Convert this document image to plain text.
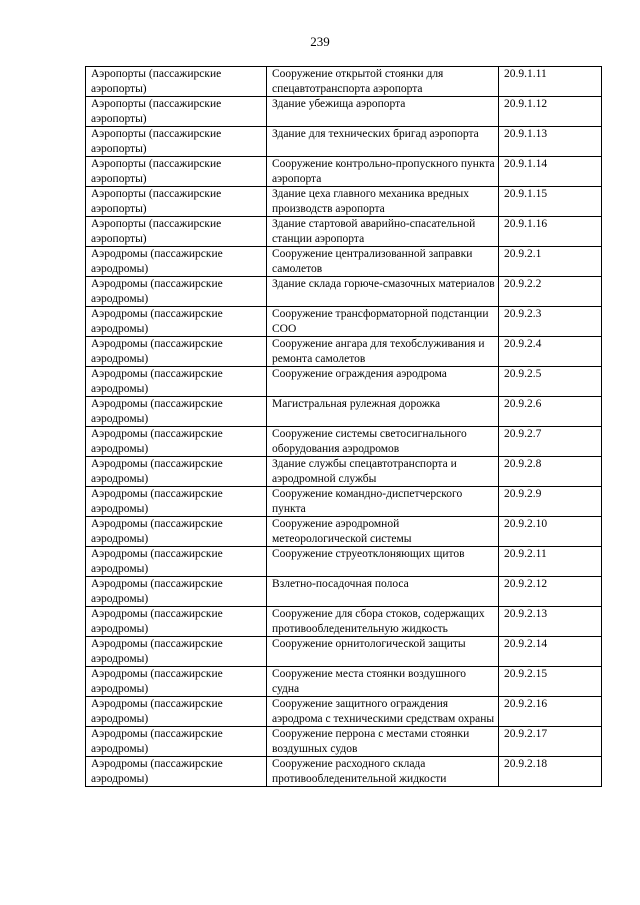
239
Аэропорты (пассажирские аэропорты)	Сооружение открытой стоянки для спецавтотранспорта аэропорта	20.9.1.11
Аэропорты (пассажирские аэропорты)	Здание убежища аэропорта	20.9.1.12
Аэропорты (пассажирские аэропорты)	Здание для технических бригад аэропорта	20.9.1.13
Аэропорты (пассажирские аэропорты)	Сооружение контрольно-пропускного пункта аэропорта	20.9.1.14
Аэропорты (пассажирские аэропорты)	Здание цеха главного механика вредных производств аэропорта	20.9.1.15
Аэропорты (пассажирские аэропорты)	Здание стартовой аварийно-спасательной станции аэропорта	20.9.1.16
Аэродромы (пассажирские аэродромы)	Сооружение централизованной заправки самолетов	20.9.2.1
Аэродромы (пассажирские аэродромы)	Здание склада горюче-смазочных материалов	20.9.2.2
Аэродромы (пассажирские аэродромы)	Сооружение трансформаторной подстанции СОО	20.9.2.3
Аэродромы (пассажирские аэродромы)	Сооружение ангара для техобслуживания и ремонта самолетов	20.9.2.4
Аэродромы (пассажирские аэродромы)	Сооружение ограждения аэродрома	20.9.2.5
Аэродромы (пассажирские аэродромы)	Магистральная рулежная дорожка	20.9.2.6
Аэродромы (пассажирские аэродромы)	Сооружение системы светосигнального оборудования аэродромов	20.9.2.7
Аэродромы (пассажирские аэродромы)	Здание службы спецавтотранспорта и аэродромной службы	20.9.2.8
Аэродромы (пассажирские аэродромы)	Сооружение командно-диспетчерского пункта	20.9.2.9
Аэродромы (пассажирские аэродромы)	Сооружение аэродромной метеорологической системы	20.9.2.10
Аэродромы (пассажирские аэродромы)	Сооружение струеотклоняющих щитов	20.9.2.11
Аэродромы (пассажирские аэродромы)	Взлетно-посадочная полоса	20.9.2.12
Аэродромы (пассажирские аэродромы)	Сооружение для сбора стоков, содержащих противообледенительную жидкость	20.9.2.13
Аэродромы (пассажирские аэродромы)	Сооружение орнитологической защиты	20.9.2.14
Аэродромы (пассажирские аэродромы)	Сооружение места стоянки воздушного судна	20.9.2.15
Аэродромы (пассажирские аэродромы)	Сооружение защитного ограждения аэродрома с техническими средствам охраны	20.9.2.16
Аэродромы (пассажирские аэродромы)	Сооружение перрона с местами стоянки воздушных судов	20.9.2.17
Аэродромы (пассажирские аэродромы)	Сооружение расходного склада противообледенительной жидкости	20.9.2.18
